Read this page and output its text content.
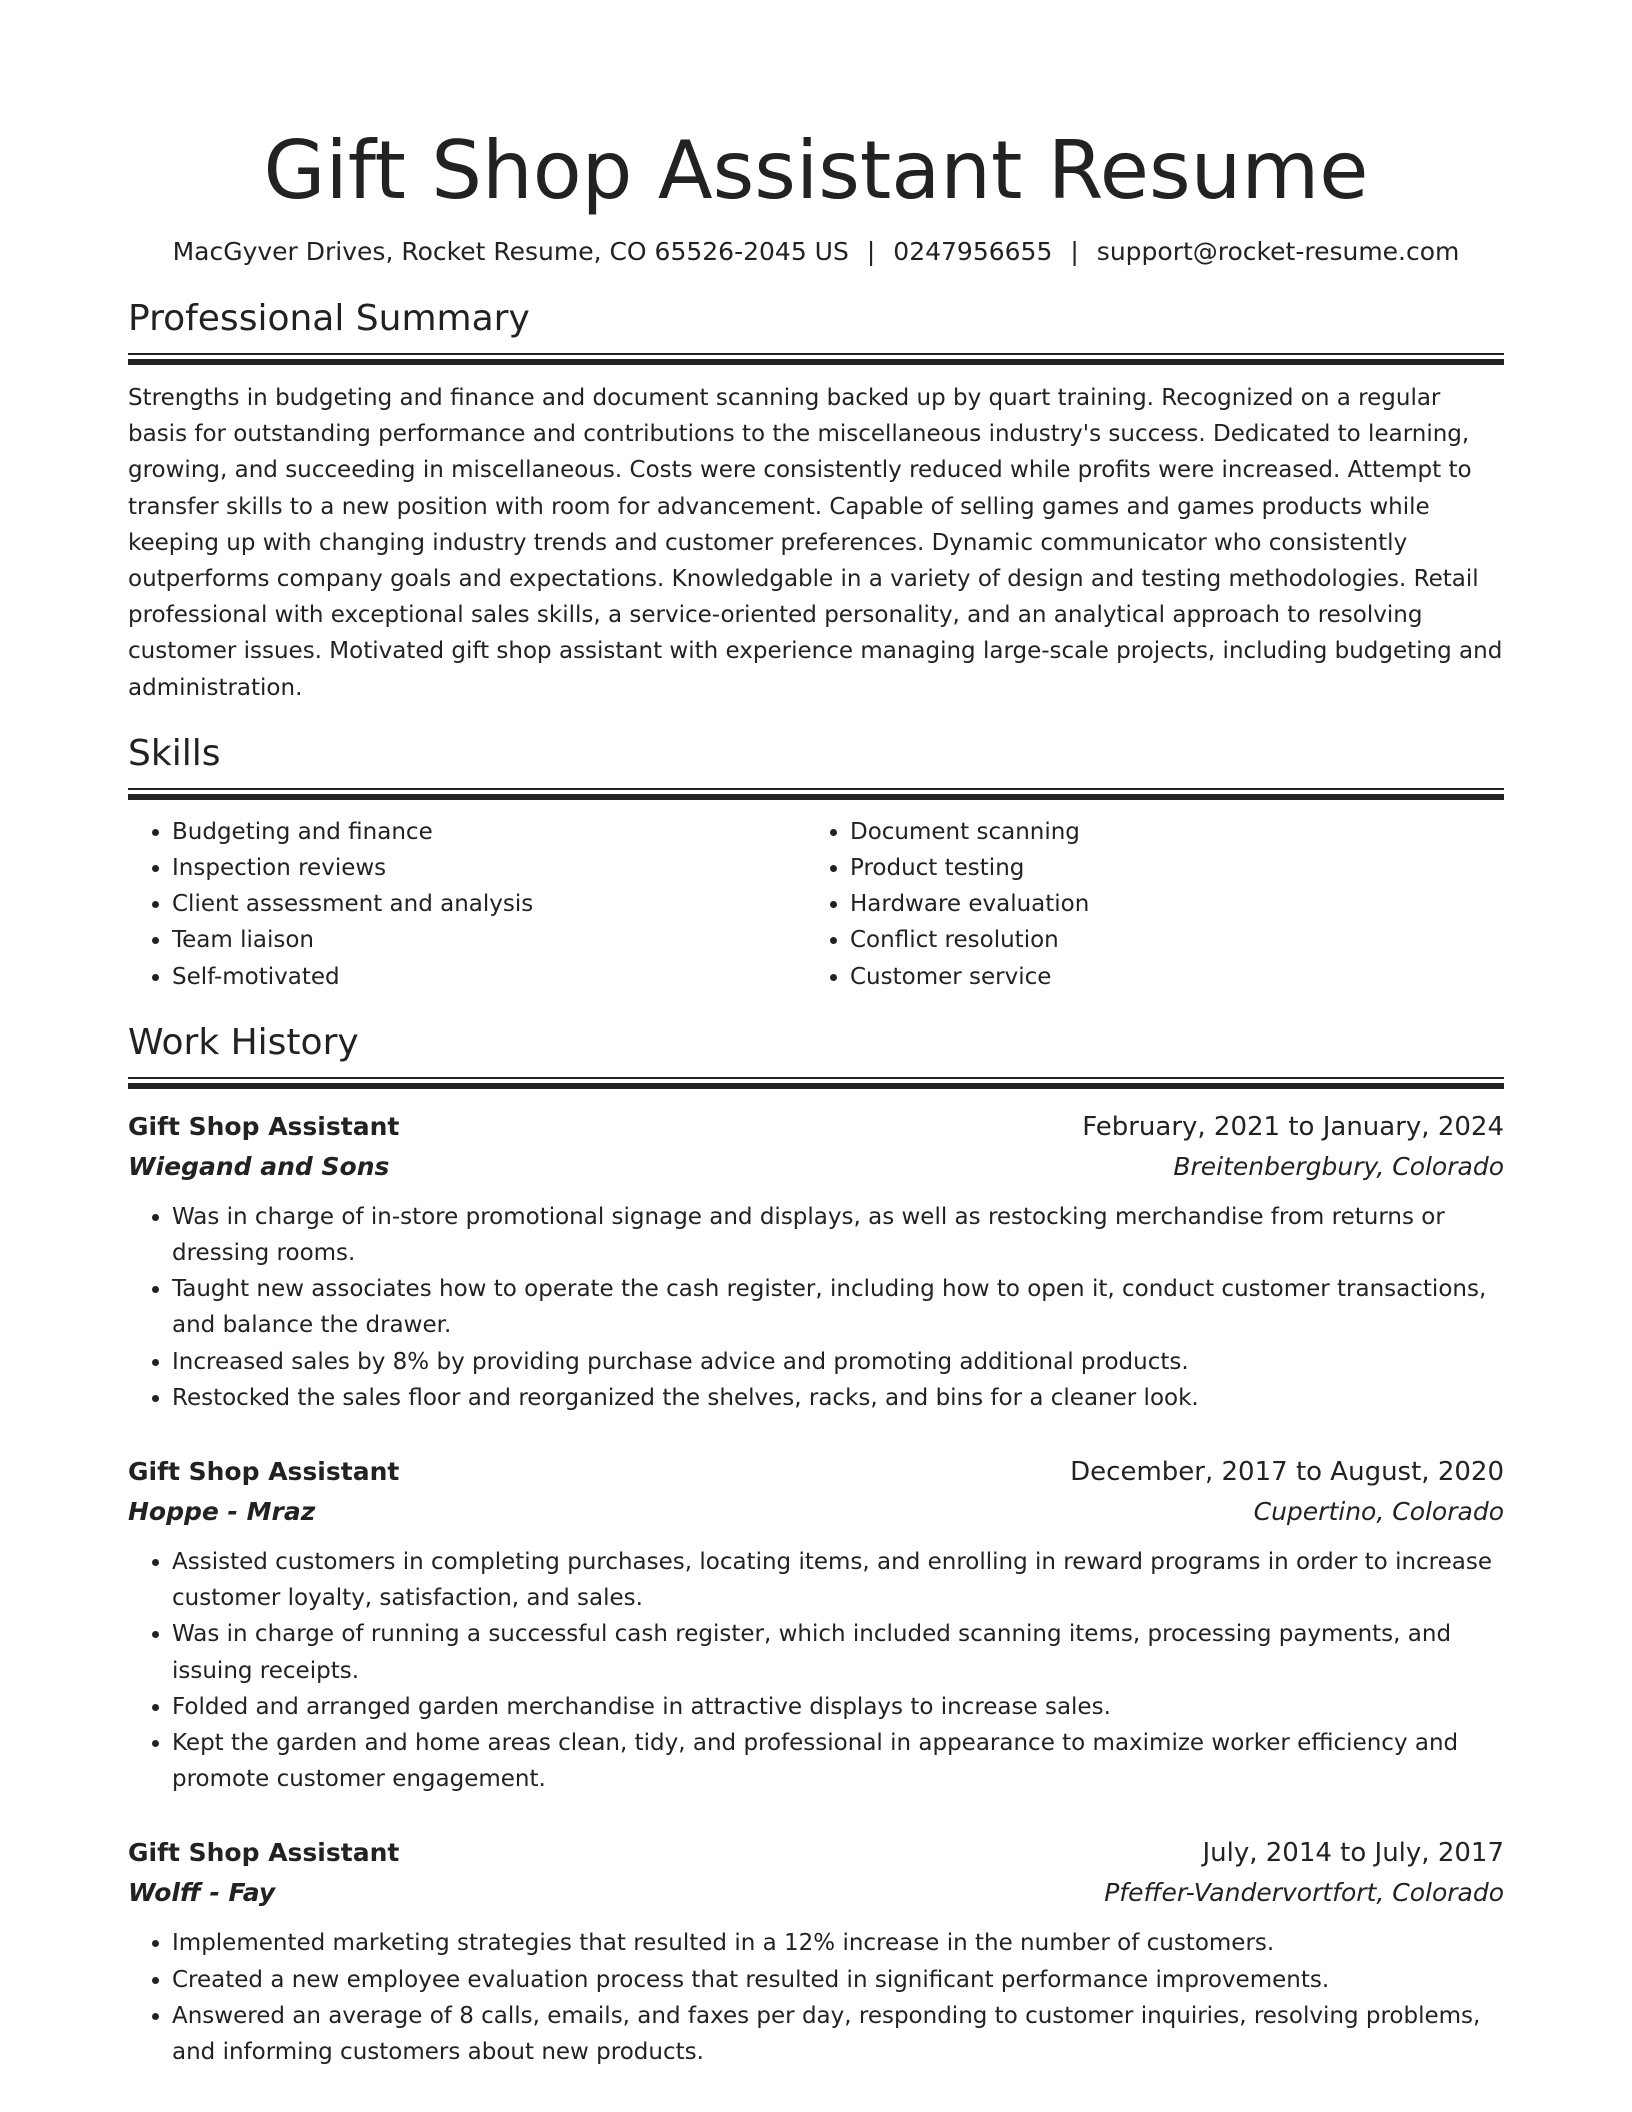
Gift Shop Assistant Resume
MacGyver Drives, Rocket Resume, CO 65526-2045 US | 0247956655 | support@rocket-resume.com
Professional Summary
Strengths in budgeting and finance and document scanning backed up by quart training. Recognized on a regular basis for outstanding performance and contributions to the miscellaneous industry's success. Dedicated to learning, growing, and succeeding in miscellaneous. Costs were consistently reduced while profits were increased. Attempt to transfer skills to a new position with room for advancement. Capable of selling games and games products while keeping up with changing industry trends and customer preferences. Dynamic communicator who consistently outperforms company goals and expectations. Knowledgable in a variety of design and testing methodologies. Retail professional with exceptional sales skills, a service-oriented personality, and an analytical approach to resolving customer issues. Motivated gift shop assistant with experience managing large-scale projects, including budgeting and administration.
Skills
• Budgeting and finance
• Inspection reviews
• Client assessment and analysis
• Team liaison
• Self-motivated
• Document scanning
• Product testing
• Hardware evaluation
• Conflict resolution
• Customer service
Work History
Gift Shop Assistant	February, 2021 to January, 2024
Wiegand and Sons	Breitenbergbury, Colorado
• Was in charge of in-store promotional signage and displays, as well as restocking merchandise from returns or dressing rooms.
• Taught new associates how to operate the cash register, including how to open it, conduct customer transactions, and balance the drawer.
• Increased sales by 8% by providing purchase advice and promoting additional products.
• Restocked the sales floor and reorganized the shelves, racks, and bins for a cleaner look.
Gift Shop Assistant	December, 2017 to August, 2020
Hoppe - Mraz	Cupertino, Colorado
• Assisted customers in completing purchases, locating items, and enrolling in reward programs in order to increase customer loyalty, satisfaction, and sales.
• Was in charge of running a successful cash register, which included scanning items, processing payments, and issuing receipts.
• Folded and arranged garden merchandise in attractive displays to increase sales.
• Kept the garden and home areas clean, tidy, and professional in appearance to maximize worker efficiency and promote customer engagement.
Gift Shop Assistant	July, 2014 to July, 2017
Wolff - Fay	Pfeffer-Vandervortfort, Colorado
• Implemented marketing strategies that resulted in a 12% increase in the number of customers.
• Created a new employee evaluation process that resulted in significant performance improvements.
• Answered an average of 8 calls, emails, and faxes per day, responding to customer inquiries, resolving problems, and informing customers about new products.
